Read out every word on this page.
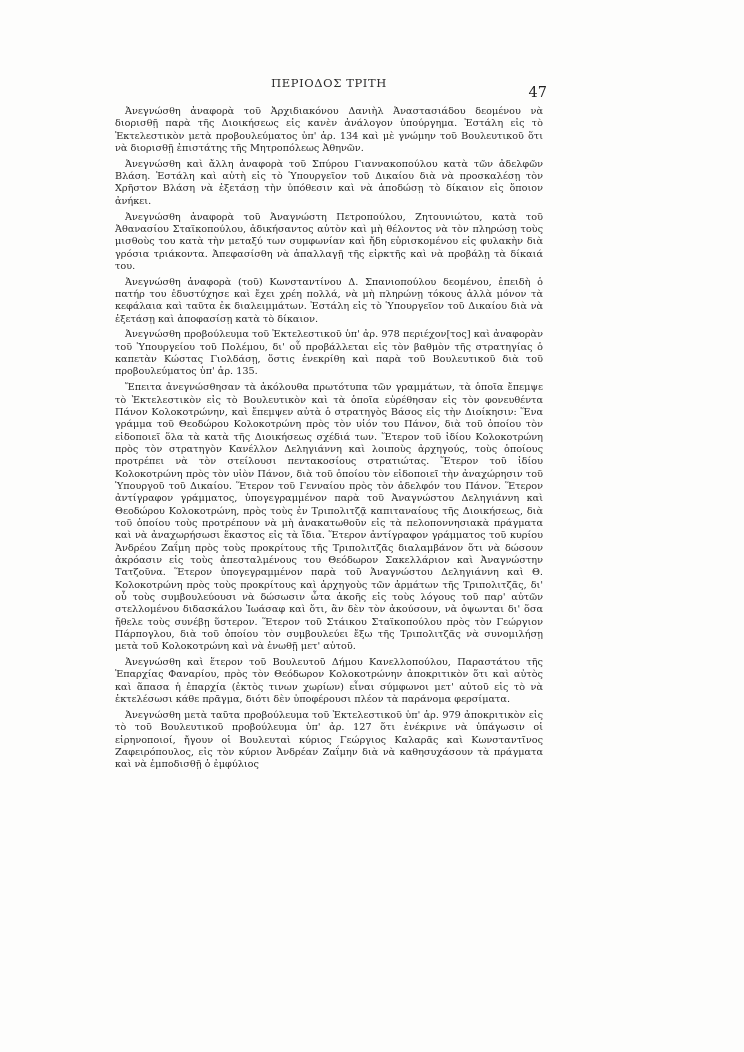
ΠΕΡΙΟΔΟΣ ΤΡΙΤΗ
47

Ἀνεγνώσθη ἀναφορὰ τοῦ Ἀρχιδιακόνου Δανιὴλ Ἀναστασιάδου δεομένου νὰ διορισθῇ παρὰ τῆς Διοικήσεως εἰς κανὲν ἀνάλογον ὑπούργημα. Ἐστάλη εἰς τὸ Ἐκτελεστικὸν μετὰ προβουλεύματος ὑπ' ἀρ. 134 καὶ μὲ γνώμην τοῦ Βουλευτικοῦ ὅτι νὰ διορισθῇ ἐπιστάτης τῆς Μητροπόλεως Ἀθηνῶν.

Ἀνεγνώσθη καὶ ἄλλη ἀναφορὰ τοῦ Σπύρου Γιαννακοπούλου κατὰ τῶν ἀδελφῶν Βλάση. Ἐστάλη καὶ αὐτὴ εἰς τὸ Ὑπουργεῖον τοῦ Δικαίου διὰ νὰ προσκαλέσῃ τὸν Χρῆστον Βλάση νὰ ἐξετάσῃ τὴν ὑπόθεσιν καὶ νὰ ἀποδώσῃ τὸ δίκαιον εἰς ὅποιον ἀνήκει.

Ἀνεγνώσθη ἀναφορὰ τοῦ Ἀναγνώστη Πετροπούλου, Ζητουνιώτου, κατὰ τοῦ Ἀθανασίου Σταϊκοπούλου, ἀδικήσαντος αὐτὸν καὶ μὴ θέλοντος νὰ τὸν πληρώσῃ τοὺς μισθοὺς του κατὰ τὴν μεταξύ των συμφωνίαν καὶ ἤδη εὑρισκομένου εἰς φυλακὴν διὰ γρόσια τριάκοντα. Ἀπεφασίσθη νὰ ἀπαλλαγῇ τῆς εἱρκτῆς καὶ νὰ προβάλῃ τὰ δίκαιά του.

Ἀνεγνώσθη ἀναφορὰ (τοῦ) Κωνσταντίνου Δ. Σπανιοπούλου δεομένου, ἐπειδὴ ὁ πατήρ του ἐδυστύχησε καὶ ἔχει χρέη πολλά, νὰ μὴ πληρώνῃ τόκους ἀλλὰ μόνον τὰ κεφάλαια καὶ ταῦτα ἐκ διαλειμμάτων. Ἐστάλη εἰς τὸ Ὑπουργεῖον τοῦ Δικαίου διὰ νὰ ἐξετάσῃ καὶ ἀποφασίσῃ κατὰ τὸ δίκαιον.

Ἀνεγνώσθη προβούλευμα τοῦ Ἐκτελεστικοῦ ὑπ' ἀρ. 978 περιέχον[τος] καὶ ἀναφορὰν τοῦ Ὑπουργείου τοῦ Πολέμου, δι' οὗ προβάλλεται εἰς τὸν βαθμὸν τῆς στρατηγίας ὁ καπετὰν Κώστας Γιολδάσῃ, ὅστις ἐνεκρίθη καὶ παρὰ τοῦ Βουλευτικοῦ διὰ τοῦ προβουλεύματος ὑπ' ἀρ. 135.

Ἔπειτα ἀνεγνώσθησαν τὰ ἀκόλουθα πρωτότυπα τῶν γραμμάτων, τὰ ὁποῖα ἔπεμψε τὸ Ἐκτελεστικὸν εἰς τὸ Βουλευτικὸν καὶ τὰ ὁποῖα εὑρέθησαν εἰς τὸν φονευθέντα Πάνον Κολοκοτρώνην, καὶ ἔπεμψεν αὐτὰ ὁ στρατηγὸς Βάσος εἰς τὴν Διοίκησιν: Ἕνα γράμμα τοῦ Θεοδώρου Κολοκοτρώνη πρὸς τὸν υἱόν του Πάνον, διὰ τοῦ ὁποίου τὸν εἰδοποιεῖ ὅλα τὰ κατὰ τῆς Διοικήσεως σχέδιά των. Ἕτερον τοῦ ἰδίου Κολοκοτρώνη πρὸς τὸν στρατηγὸν Κανέλλον Δεληγιάννη καὶ λοιποὺς ἀρχηγούς, τοὺς ὁποίους προτρέπει νὰ τὸν στείλουσι πεντακοσίους στρατιώτας. Ἕτερον τοῦ ἰδίου Κολοκοτρώνη πρὸς τὸν υἱὸν Πάνον, διὰ τοῦ ὁποίου τὸν εἰδοποιεῖ τὴν ἀναχώρησιν τοῦ Ὑπουργοῦ τοῦ Δικαίου. Ἕτερον τοῦ Γενναίου πρὸς τὸν ἀδελφόν του Πάνον. Ἕτερον ἀντίγραφον γράμματος, ὑπογεγραμμένον παρὰ τοῦ Ἀναγνώστου Δεληγιάννη καὶ Θεοδώρου Κολοκοτρώνη, πρὸς τοὺς ἐν Τριπολιτζᾷ καπιταναίους τῆς Διοικήσεως, διὰ τοῦ ὁποίου τοὺς προτρέπουν νὰ μὴ ἀνακατωθοῦν εἰς τὰ πελοποννησιακὰ πράγματα καὶ νὰ ἀναχωρήσωσι ἕκαστος εἰς τὰ ἴδια. Ἕτερον ἀντίγραφον γράμματος τοῦ κυρίου Ἀνδρέου Ζαΐμη πρὸς τοὺς προκρίτους τῆς Τριπολιτζᾶς διαλαμβάνον ὅτι νὰ δώσουν ἀκρόασιν εἰς τοὺς ἀπεσταλμένους του Θεόδωρον Σακελλάριον καὶ Ἀναγνώστην Τατζοῦνα. Ἕτερον ὑπογεγραμμένον παρὰ τοῦ Ἀναγνώστου Δεληγιάννη καὶ Θ. Κολοκοτρώνη πρὸς τοὺς προκρίτους καὶ ἀρχηγοὺς τῶν ἁρμάτων τῆς Τριπολιτζᾶς, δι' οὗ τοὺς συμβουλεύουσι νὰ δώσωσιν ὦτα ἀκοῆς εἰς τοὺς λόγους τοῦ παρ' αὐτῶν στελλομένου διδασκάλου Ἰωάσαφ καὶ ὅτι, ἂν δὲν τὸν ἀκούσουν, νὰ ὀψωνται δι' ὅσα ἤθελε τοὺς συνέβῃ ὕστερον. Ἕτερον τοῦ Στάικου Σταϊκοπούλου πρὸς τὸν Γεώργιον Πάρπογλου, διὰ τοῦ ὁποίου τὸν συμβουλεύει ἔξω τῆς Τριπολιτζᾶς νὰ συνομιλήσῃ μετὰ τοῦ Κολοκοτρώνη καὶ νὰ ἑνωθῇ μετ' αὐτοῦ.

Ἀνεγνώσθη καὶ ἕτερον τοῦ Βουλευτοῦ Δήμου Κανελλοπούλου, Παραστάτου τῆς Ἐπαρχίας Φαναρίου, πρὸς τὸν Θεόδωρον Κολοκοτρώνην ἀποκριτικὸν ὅτι καὶ αὐτὸς καὶ ἅπασα ἡ ἐπαρχία (ἐκτὸς τινων χωρίων) εἶναι σύμφωνοι μετ' αὐτοῦ εἰς τὸ νὰ ἐκτελέσωσι κάθε πρᾶγμα, διότι δὲν ὑποφέρουσι πλέον τὰ παράνομα φερσίματα.

Ἀνεγνώσθη μετὰ ταῦτα προβούλευμα τοῦ Ἐκτελεστικοῦ ὑπ' ἀρ. 979 ἀποκριτικὸν εἰς τὸ τοῦ Βουλευτικοῦ προβούλευμα ὑπ' ἀρ. 127 ὅτι ἐνέκρινε νὰ ὑπάγωσιν οἱ εἰρηνοποιοί, ἤγουν οἱ Βουλευταὶ κύριος Γεώργιος Καλαρᾶς καὶ Κωνσταντῖνος Ζαφειρόπουλος, εἰς τὸν κύριον Ἀνδρέαν Ζαΐμην διὰ νὰ καθησυχάσουν τὰ πράγματα καὶ νὰ ἐμποδισθῇ ὁ ἐμφύλιος
